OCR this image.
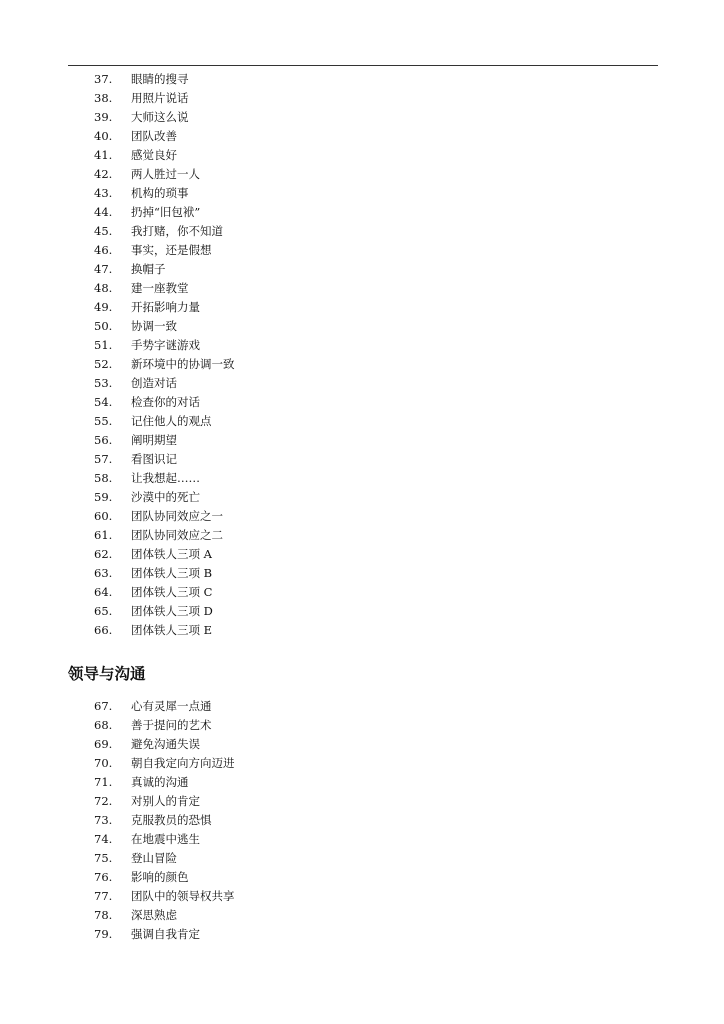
37. 眼睛的搜寻
38. 用照片说话
39. 大师这么说
40. 团队改善
41. 感觉良好
42. 两人胜过一人
43. 机构的琐事
44. 扔掉“旧包袱”
45. 我打赌，你不知道
46. 事实，还是假想
47. 换帽子
48. 建一座教堂
49. 开拓影响力量
50. 协调一致
51. 手势字谜游戏
52. 新环境中的协调一致
53. 创造对话
54. 检查你的对话
55. 记住他人的观点
56. 阐明期望
57. 看图识记
58. 让我想起……
59. 沙漠中的死亡
60. 团队协同效应之一
61. 团队协同效应之二
62. 团体铁人三项 A
63. 团体铁人三项 B
64. 团体铁人三项 C
65. 团体铁人三项 D
66. 团体铁人三项 E
领导与沟通
67. 心有灵犀一点通
68. 善于提问的艺术
69. 避免沟通失误
70. 朝自我定向方向迈进
71. 真诚的沟通
72. 对别人的肯定
73. 克服教员的恐惧
74. 在地震中逃生
75. 登山冒险
76. 影响的颜色
77. 团队中的领导权共享
78. 深思熟虑
79. 强调自我肯定
